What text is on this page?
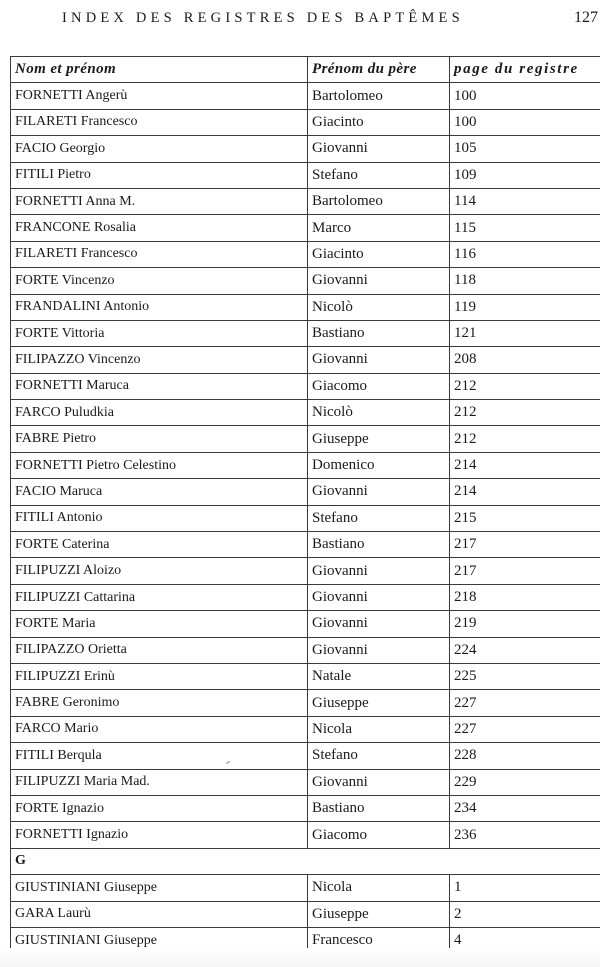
INDEX DES REGISTRES DES BAPTÊMES	127
Nom et prénom	Prénom du père	page du registre
FORNETTI Angerù	Bartolomeo	100
FILARETI Francesco	Giacinto	100
FACIO Georgio	Giovanni	105
FITILI Pietro	Stefano	109
FORNETTI Anna M.	Bartolomeo	114
FRANCONE Rosalia	Marco	115
FILARETI Francesco	Giacinto	116
FORTE Vincenzo	Giovanni	118
FRANDALINI Antonio	Nicolò	119
FORTE Vittoria	Bastiano	121
FILIPAZZO Vincenzo	Giovanni	208
FORNETTI Maruca	Giacomo	212
FARCO Puludkia	Nicolò	212
FABRE Pietro	Giuseppe	212
FORNETTI Pietro Celestino	Domenico	214
FACIO Maruca	Giovanni	214
FITILI Antonio	Stefano	215
FORTE Caterina	Bastiano	217
FILIPUZZI Aloizo	Giovanni	217
FILIPUZZI Cattarina	Giovanni	218
FORTE Maria	Giovanni	219
FILIPAZZO Orietta	Giovanni	224
FILIPUZZI Erinù	Natale	225
FABRE Geronimo	Giuseppe	227
FARCO Mario	Nicola	227
FITILI Berqula	Stefano	228
FILIPUZZI Maria Mad.	Giovanni	229
FORTE Ignazio	Bastiano	234
FORNETTI Ignazio	Giacomo	236
G		
GIUSTINIANI Giuseppe	Nicola	1
GARA Laurù	Giuseppe	2
GIUSTINIANI Giuseppe	Francesco	4
